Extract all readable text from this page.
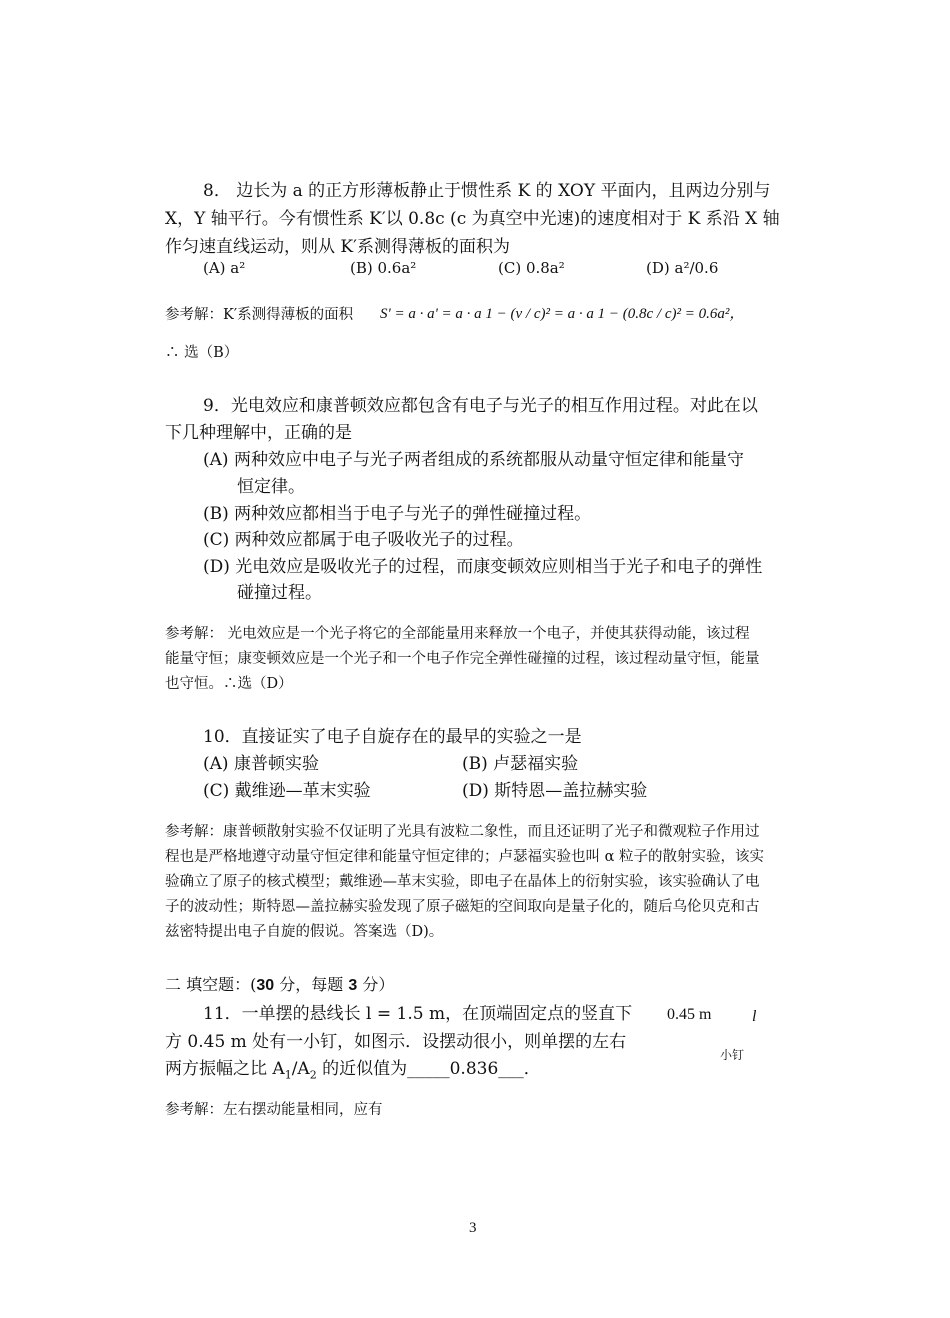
8． 边长为 a 的正方形薄板静止于惯性系 K 的 XOY 平面内，且两边分别与
X，Y 轴平行。今有惯性系 K′以 0.8c (c 为真空中光速)的速度相对于 K 系沿 X 轴
作匀速直线运动，则从 K′系测得薄板的面积为
(A) a²	(B) 0.6a²	(C) 0.8a²	(D) a²/0.6
参考解：K′系测得薄板的面积 S' = a · a' = a · a 1 − (v / c)² = a · a 1 − (0.8c / c)² = 0.6a²，
∴ 选（B）
9．光电效应和康普顿效应都包含有电子与光子的相互作用过程。对此在以
下几种理解中，正确的是
(A) 两种效应中电子与光子两者组成的系统都服从动量守恒定律和能量守
恒定律。
(B) 两种效应都相当于电子与光子的弹性碰撞过程。
(C) 两种效应都属于电子吸收光子的过程。
(D) 光电效应是吸收光子的过程，而康变顿效应则相当于光子和电子的弹性
碰撞过程。
参考解： 光电效应是一个光子将它的全部能量用来释放一个电子，并使其获得动能，该过程
能量守恒；康变顿效应是一个光子和一个电子作完全弹性碰撞的过程，该过程动量守恒，能量
也守恒。∴选（D）
10．直接证实了电子自旋存在的最早的实验之一是
(A) 康普顿实验	(B) 卢瑟福实验
(C) 戴维逊—革末实验	(D) 斯特恩—盖拉赫实验
参考解：康普顿散射实验不仅证明了光具有波粒二象性，而且还证明了光子和微观粒子作用过
程也是严格地遵守动量守恒定律和能量守恒定律的；卢瑟福实验也叫 α 粒子的散射实验，该实
验确立了原子的核式模型；戴维逊—革末实验，即电子在晶体上的衍射实验，该实验确认了电
子的波动性；斯特恩—盖拉赫实验发现了原子磁矩的空间取向是量子化的，随后乌伦贝克和古
兹密特提出电子自旋的假说。答案选（D)。
二 填空题：(30 分，每题 3 分）
11．一单摆的悬线长 l = 1.5 m，在顶端固定点的竖直下
方 0.45 m 处有一小钉，如图示．设摆动很小，则单摆的左右
两方振幅之比 $A_1/A_2$ 的近似值为_____0.836___．
0.45 m	l
小钉
参考解：左右摆动能量相同，应有
3
